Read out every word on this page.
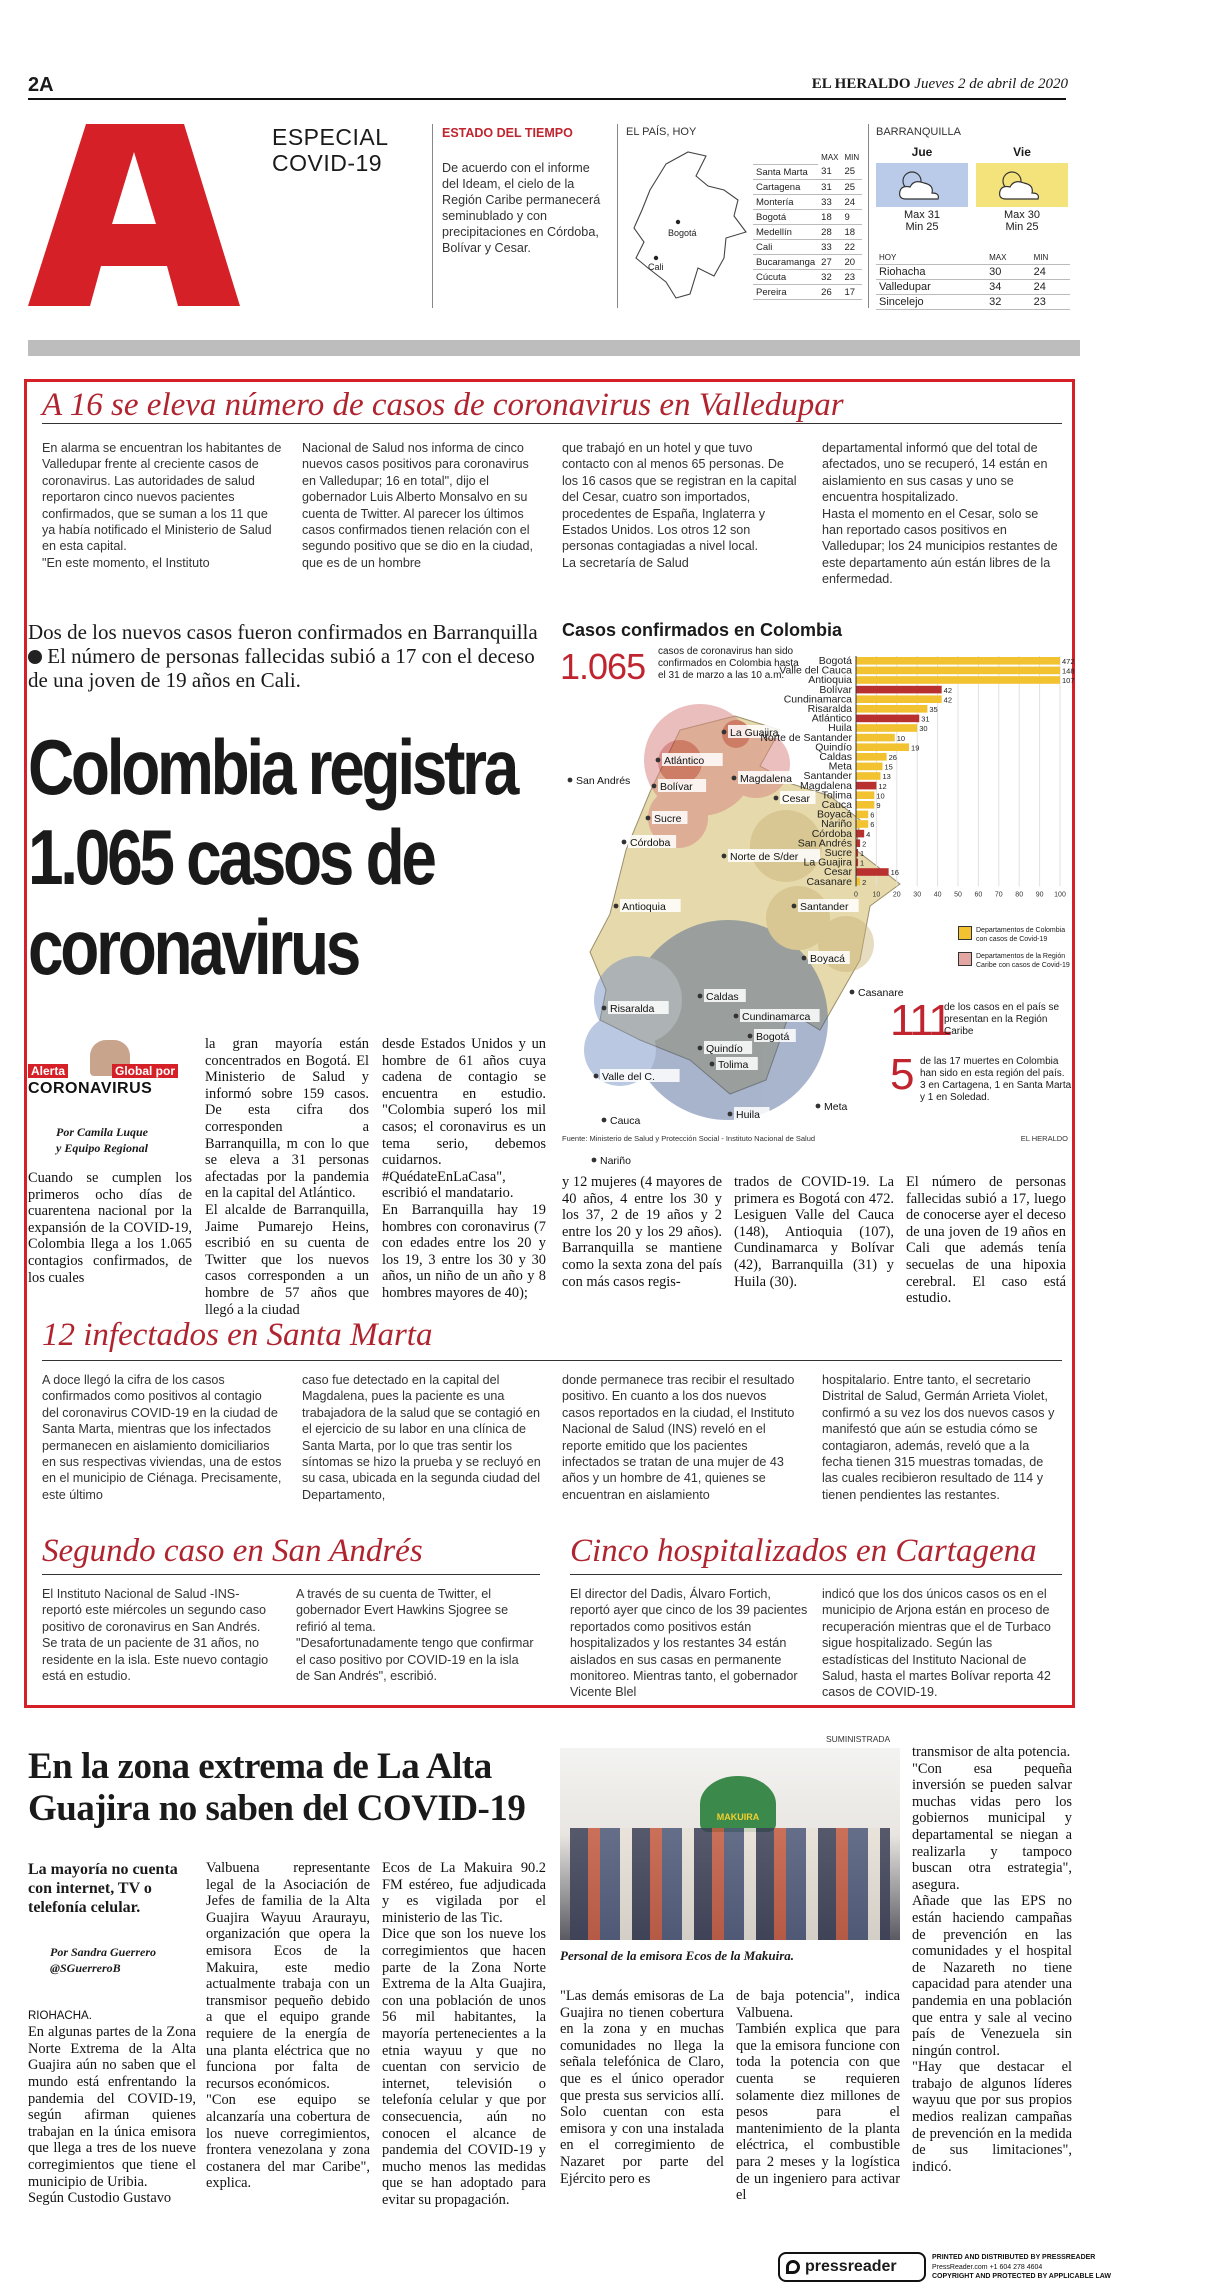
2A	EL HERALDO Jueves 2 de abril de 2020
ESPECIAL
COVID-19
ESTADO DEL TIEMPO
De acuerdo con el informe del Ideam, el cielo de la Región Caribe permanecerá seminublado y con precipitaciones en Córdoba, Bolívar y Cesar.
EL PAÍS, HOY
Bogotá
Cali
	MAX	MIN
Santa Marta	31	25
Cartagena	31	25
Montería	33	24
Bogotá	18	9
Medellín	28	18
Cali	33	22
Bucaramanga	27	20
Cúcuta	32	23
Pereira	26	17
BARRANQUILLA
Jue
Max 31
Min 25
Vie
Max 30
Min 25
HOY	MAX	MIN
Riohacha	30	24
Valledupar	34	24
Sincelejo	32	23
A 16 se eleva número de casos de coronavirus en Valledupar
En alarma se encuentran los habitantes de Valledupar frente al creciente casos de coronavirus. Las autoridades de salud reportaron cinco nuevos pacientes confirmados, que se suman a los 11 que ya había notificado el Ministerio de Salud en esta capital.
"En este momento, el Instituto
Nacional de Salud nos informa de cinco nuevos casos positivos para coronavirus en Valledupar; 16 en total", dijo el gobernador Luis Alberto Monsalvo en su cuenta de Twitter. Al parecer los últimos casos confirmados tienen relación con el segundo positivo que se dio en la ciudad, que es de un hombre
que trabajó en un hotel y que tuvo contacto con al menos 65 personas. De los 16 casos que se registran en la capital del Cesar, cuatro son importados, procedentes de España, Inglaterra y Estados Unidos. Los otros 12 son personas contagiadas a nivel local.
La secretaría de Salud
departamental informó que del total de afectados, uno se recuperó, 14 están en aislamiento en sus casas y uno se encuentra hospitalizado.
Hasta el momento en el Cesar, solo se han reportado casos positivos en Valledupar; los 24 municipios restantes de este departamento aún están libres de la enfermedad.
Dos de los nuevos casos fueron confirmados en Barranquilla  El número de personas fallecidas subió a 17 con el deceso de una joven de 19 años en Cali.
Colombia registra
1.065 casos de
coronavirus
Alerta	Global por
CORONAVIRUS
Por Camila Luque
y Equipo Regional
Cuando se cumplen los primeros ocho días de cuarentena nacional por la expansión de la COVID-19, Colombia llega a los 1.065 contagios confirmados, de los cuales
la gran mayoría están concentrados en Bogotá. El Ministerio de Salud y informó sobre 159 casos. De esta cifra dos corresponden a Barranquilla, m con lo que se eleva a 31 personas afectadas por la pandemia en la capital del Atlántico.
El alcalde de Barranquilla, Jaime Pumarejo Heins, escribió en su cuenta de Twitter que los nuevos casos corresponden a un hombre de 57 años que llegó a la ciudad
desde Estados Unidos y un hombre de 61 años cuya cadena de contagio se encuentra en estudio. "Colombia superó los mil casos; el coronavirus es un tema serio, debemos cuidarnos. #QuédateEnLaCasa", escribió el mandatario.
En Barranquilla hay 19 hombres con coronavirus (7 con edades entre los 20 y los 19, 3 entre los 30 y 30 años, un niño de un año y 8 hombres mayores de 40);
y 12 mujeres (4 mayores de 40 años, 4 entre los 30 y los 37, 2 de 19 años y 2 entre los 20 y los 29 años). Barranquilla se mantiene como la sexta zona del país con más casos regis-
trados de COVID-19. La primera es Bogotá con 472. Lesiguen Valle del Cauca (148), Antioquia (107), Cundinamarca y Bolívar (42), Barranquilla (31) y Huila (30).
El número de personas fallecidas subió a 17, luego de conocerse ayer el deceso de una joven de 19 años en Cali que además tenía secuelas de una hipoxia cerebral. El caso está estudio.
Casos confirmados en Colombia
1.065 casos de coronavirus han sido confirmados en Colombia hasta el 31 de marzo a las 10 a.m.
San Andrés
Atlántico
La Guajira
Bolívar
Magdalena
Cesar
Sucre
Córdoba
Norte de S/der
Antioquia	Santander
Boyacá
Casanare
Caldas
Cundinamarca
Risaralda
Bogotá
Quindío
Tolima
Valle del C.
Meta
Cauca	Huila
Nariño
0 10 20 30 40 50 60 70 80 90 100
Bogotá	472
Valle del Cauca	148
Antioquia	107
Bolívar	42
Cundinamarca	42
Risaralda	35
Atlántico	31
Huila	30
Norte de Santander	10
Quindío	19
Caldas	26
Meta	15
Santander	13
Magdalena	12
Tolima	10
Cauca	9
Boyacá 6
Nariño 6
Córdoba 4
San Andrés 2
Sucre 1
La Guajira 1
Cesar	16
Casanare 2
Departamentos de Colombia con casos de Covid-19
Departamentos de la Región Caribe con casos de Covid-19
111
de los casos en el país se presentan en la Región Caribe
5 de las 17 muertes en Colombia han sido en esta región del país. 3 en Cartagena, 1 en Santa Marta y 1 en Soledad.
Fuente: Ministerio de Salud y Protección Social - Instituto Nacional de Salud	EL HERALDO
12 infectados en Santa Marta
A doce llegó la cifra de los casos confirmados como positivos al contagio del coronavirus COVID-19 en la ciudad de Santa Marta, mientras que los infectados permanecen en aislamiento domiciliarios en sus respectivas viviendas, una de estos en el municipio de Ciénaga. Precisamente, este último
caso fue detectado en la capital del Magdalena, pues la paciente es una trabajadora de la salud que se contagió en el ejercicio de su labor en una clínica de Santa Marta, por lo que tras sentir los síntomas se hizo la prueba y se recluyó en su casa, ubicada en la segunda ciudad del Departamento,
donde permanece tras recibir el resultado positivo. En cuanto a los dos nuevos casos reportados en la ciudad, el Instituto Nacional de Salud (INS) reveló en el reporte emitido que los pacientes infectados se tratan de una mujer de 43 años y un hombre de 41, quienes se encuentran en aislamiento
hospitalario. Entre tanto, el secretario Distrital de Salud, Germán Arrieta Violet, confirmó a su vez los dos nuevos casos y manifestó que aún se estudia cómo se contagiaron, además, reveló que a la fecha tienen 315 muestras tomadas, de las cuales recibieron resultado de 114 y tienen pendientes las restantes.
Segundo caso en San Andrés
El Instituto Nacional de Salud -INS- reportó este miércoles un segundo caso positivo de coronavirus en San Andrés.
Se trata de un paciente de 31 años, no residente en la isla. Este nuevo contagio está en estudio.
A través de su cuenta de Twitter, el gobernador Evert Hawkins Sjogree se refirió al tema.
"Desafortunadamente tengo que confirmar el caso positivo por COVID-19 en la isla de San Andrés", escribió.
Cinco hospitalizados en Cartagena
El director del Dadis, Álvaro Fortich, reportó ayer que cinco de los 39 pacientes reportados como positivos están hospitalizados y los restantes 34 están aislados en sus casas en permanente monitoreo. Mientras tanto, el gobernador Vicente Blel
indicó que los dos únicos casos os en el municipio de Arjona están en proceso de recuperación mientras que el de Turbaco sigue hospitalizado. Según las estadísticas del Instituto Nacional de Salud, hasta el martes Bolívar reporta 42 casos de COVID-19.
En la zona extrema de La Alta
Guajira no saben del COVID-19
La mayoría no cuenta con internet, TV o telefonía celular.
Por Sandra Guerrero
@SGuerreroB

RIOHACHA.
En algunas partes de la Zona Norte Extrema de la Alta Guajira aún no saben que el mundo está enfrentando la pandemia del COVID-19, según afirman quienes trabajan en la única emisora que llega a tres de los nueve corregimientos que tiene el municipio de Uribia.
Según Custodio Gustavo

Valbuena representante legal de la Asociación de Jefes de familia de la Alta Guajira Wayuu Araurayu, organización que opera la emisora Ecos de la Makuira, este medio actualmente trabaja con un transmisor pequeño debido a que el equipo grande requiere de la energía de una planta eléctrica que no funciona por falta de recursos económicos.
"Con ese equipo se alcanzaría una cobertura de los nueve corregimientos, frontera venezolana y zona costanera del mar Caribe", explica.
Ecos de La Makuira 90.2 FM estéreo, fue adjudicada y es vigilada por el ministerio de las Tic.
Dice que son los nueve los corregimientos que hacen parte de la Zona Norte Extrema de la Alta Guajira, con una población de unos 56 mil habitantes, la mayoría pertenecientes a la etnia wayuu y que no cuentan con servicio de internet, televisión o telefonía celular y que por consecuencia, aún no conocen el alcance de pandemia del COVID-19 y mucho menos las medidas que se han adoptado para evitar su propagación.
SUMINISTRADA
MAKUIRA
Personal de la emisora Ecos de la Makuira.
"Las demás emisoras de La Guajira no tienen cobertura en la zona y en muchas comunidades no llega la señala telefónica de Claro, que es el único operador que presta sus servicios allí. Solo cuentan con esta emisora y con una instalada en el corregimiento de Nazaret por parte del Ejército pero es
de baja potencia", indica Valbuena.
También explica que para que la emisora funcione con toda la potencia con que cuenta se requieren solamente diez millones de pesos para el mantenimiento de la planta eléctrica, el combustible para 2 meses y la logística de un ingeniero para activar el
transmisor de alta potencia.
"Con esa pequeña inversión se pueden salvar muchas vidas pero los gobiernos municipal y departamental se niegan a realizarla y tampoco buscan otra estrategia", asegura.
Añade que las EPS no están haciendo campañas de prevención en las comunidades y el hospital de Nazareth no tiene capacidad para atender una pandemia en una población que entra y sale al vecino país de Venezuela sin ningún control.
"Hay que destacar el trabajo de algunos líderes wayuu que por sus propios medios realizan campañas de prevención en la medida de sus limitaciones", indicó.
pressreader
PRINTED AND DISTRIBUTED BY PRESSREADER
PressReader.com +1 604 278 4604
COPYRIGHT AND PROTECTED BY APPLICABLE LAW
